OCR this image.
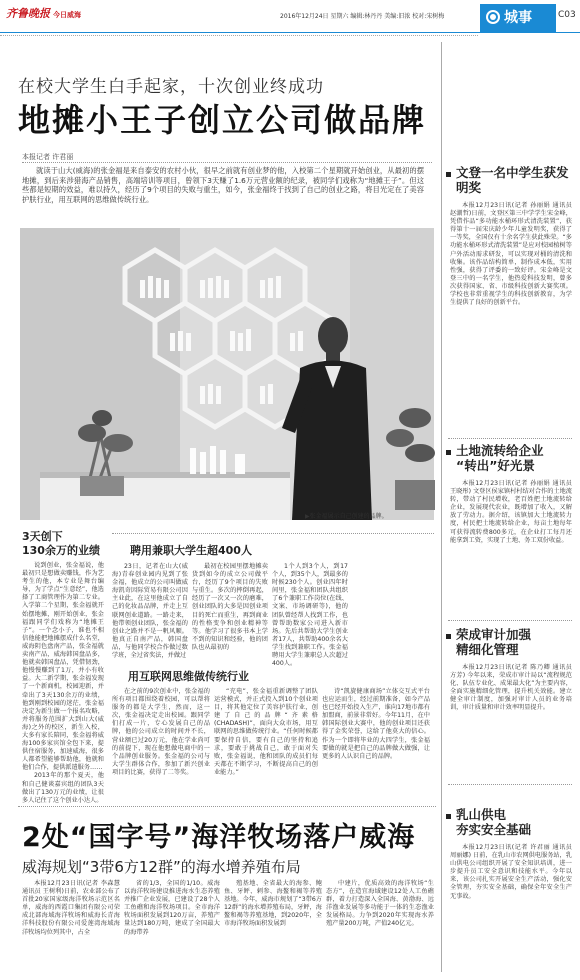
齐鲁晚报 今日威海	2016年12月24日 星期六 编辑:林丹丹 美编:旧浓 校对:宋树梅	城事	C03
在校大学生白手起家，十次创业终成功
地摊小王子创立公司做品牌
本报记者 许君丽
就读于山大(威海)的张金福是来自泰安的农村小伙，很早之前就有创业梦的他，入校第二个星期就开始创业，从最初的摆地摊，到后来涉猎海产品销售，高端培训等项目，曾领下3天赚了1.6万元营业额的纪录，被同学们戏称为“地摊王子”。但这些都是短期的效益，难以持久，经历了9个项目的失败与重生，如今，张金福终于找到了自己的创业之路，将目光定在了美容护肤行业，用互联网的思维做传统行业。
▶张金福展示自己创建的品牌。
3天创下
130余万的业绩

说到创业，张金福说，他最初只是想做卖赚钱，作为艺考生的他，本专业是舞台编导，为了学点“生意经”，他选择了工商管理作为第二专业。入学第二个星期，张金福就开始摆地摊，刚开始创业，张金福跟同学们戏称为“地摊王子”。一个念小子，谁也不相信他能把地摊摆成什么名堂，威海阴色盘南产品，张金福就卖南产品，威海韩国盘品多，他就卖韩国盘品，凭借韧劲，他慢慢赚到了1万，并小有收益。大二新学期，张金福发现了一个新商机，校园迎新，并牵出了3天130余万的业绩，他到刚到校园的迷茫，张金福决定为新生做一个报名攻略，并将服务范围扩大到山大(威海)之外的校区，新生入校，大多有家长陪同，张金福将威海100多家宾馆全包下来，提供住宿服务，加速威海，很多人都希望能够帮助他，他就和他们合作，提供派遣服务……

2013年的那个夏天，他和自己健谈嘉宾组的团队3天做出了130万元的业绩，让很多人记住了这个创业小达人。

聘用兼职大学生超400人
23日，记者在山大(威海)青春创业园内见到了张金福，他成立的公司叫做威海凯奇因际贸易有限公司因主业此，在这里他成立了自己的化妆品品牌，并走上互联网创业道路。一路走来，他带领创业团队，张金福的创业之路并不是一帆风顺。他真正自南产品，韩国盘品，与他同学校合作做过数学班，全过省奖法，并做过
最初在校园里摆地摊卖货到如今的成立公司做平台，经历了9个项目的失败与重生。多次的摔倒再起，经历了一次又一次的磨难，创业团队的大多是因创业项目的死亡而重生，再到商业的性格变争和创业精神等等。他学习了很多书本上学不到的知识和经验，他的团队也从最初的
1个人到3个人，到17个人，到35个人，到最多的时候230个人。创业四年时间里，张金福和团队共组织了6个兼职工作岗位(在线、文案、市场调研等)，他的团队曾经帮人找到工作，也曾帮助数家公司进入新市场。先后共帮助大学生创业者17人，共帮助400余名大学生找到兼职工作。张金福聘用大学生兼职总人次超过400人。
用互联网思维做传统行业
在之前的9次创业中，张金福的所有项目都围绕着校园，可以帮将服务的都是大学生，然而，这一次，张金福决定走出校园。跟同学们打成一片，专心发展自己的品牌，他的公司成立的时间并不长，营业额已过20万元，他在学业尚可的前提下，现在他想做电商中的一个品牌创业服务。张金福的公司与大学生群体合作，参加了新兴创业项目的比赛，获得了二等奖。
“充电”，张金福重新调整了团队运营模式，并正式投入到10个创业项目，将其他定位了美容护肤行业，创建了自己的品牌“齐素格(CHADASH)”，面向大众市场，用互联网的思维做传统行业。“任何时候都要保持自信，要有自己的坚持和追求，要敢于挑战自己，敢于面对失败，张金福说，他和团队的成员们每天都在不断学习，不断提高自己的创业能力。”
诗“凯旋健康商场”立体交互式平台也应运而生，经过前期准备，如今产品也已经开始投入生产，谁向17地市都有加盟商，前景非常好。今年11月，在中韩国际创业大赛中，他的创业项目还获得了金奖荣誉，这给了他莫大的信心。作为一个即将毕业的大四学生，张金福要做的就是把自己的品牌做大做强，让更多的人认识自己的品牌。
2处“国字号”海洋牧场落户威海
威海规划“3带6方12群”的海水增养殖布局
本报12月23日讯(记者 李森慧 通讯员 王树利)日前，农业部公布了首批20家国家级海洋牧场示范区名单，威海的西霞口集团有限公司荣成北部海域海洋牧场和威海长青海洋科技股份有限公司爱莲湾海域海洋牧场均位列其中，占全
省的1/3，全国的1/10。威海以海洋牧场建设推进海水生态养殖并推广企业发展，已建设了28个人工鱼礁和海洋牧场项目。全市海洋牧场面积发展到120万亩，养殖产量达到180万吨，建成了全国最大的海带养
殖基地、全省最大的海参、鲍鱼、牙鲆、刺参、海鳌和褐等养殖基地。今年，威海市规划了“3带6方12群”的海水增养殖布局，牙鲆，海鳌和褐等养殖基地，到2020年，全市海洋牧场面积发展到
中建片，优质高效的海洋牧场“生态方”，在造宜海域建设12处人工鱼礁群，着力打造深入全国海、黄渤海、远洋渔业发展等多功能于一体的生态渔业发展格局。力争到2020年实现海水养殖产量200万吨，产值240亿元。
文登一名中学生获发明奖
本报12月23日讯(记者 孙丽娟 通讯员 赵潮哲)日前，文登区第三中学学生宋金峰，凭借作品“多功能水桶环形式清洗装置”，获得第十一届宋庆龄少年儿童发明奖，获得了一等奖，全国仅有十余名学生获此殊荣。“多功能水桶环形式清洗装置”是应对校园植树等户外活动需求研发，可以实现对桶的清洗和收集。该作品结构简单，制作成本低，实用性强，获得了评委的一致好评。宋金峰是文登三中的一名学生，他热爱科技发明，曾多次获得国家、省、市级科技创新大赛奖项。学校也非常重视学生的科技创新教育，为学生提供了良好的创新平台。
土地流转给企业
“转出”好光景
本报12月23日讯(记者 孙丽娟 通讯员 王晓彤) 文登区侯家镇村村结对合作的土地流转，带动了村民增收，老百姓把土地流转给企业，发展现代农业，既增加了收入，又解放了劳动力。据介绍，该镇加大土地流转力度，村民把土地流转给企业，每亩土地每年可获得流转费800多元，在企业打工每月还能拿到工资，实现了土地、务工双份收益。
荣成审计加强
精细化管理
本报12月23日讯(记者 陈乃卿 通讯员 方芳) 今年以来，荣成市审计局以“流程规范化、队伍专业化、成果最大化”为主要内容，全面实施精细化管理，提升机关效能。建立健全审计制度，加强对审计人员的业务培训，审计质量和审计效率明显提升。
乳山供电
夯实安全基础
本报12月23日讯(记者 许君丽 通讯员 周丽娜) 日前，在乳山市农网供电服务站，乳山供电公司组织开展了安全知识培训，进一步提升员工安全意识和技能水平。今年以来，该公司扎实开展安全生产活动，强化安全管理，夯实安全基础，确保全年安全生产无事故。
